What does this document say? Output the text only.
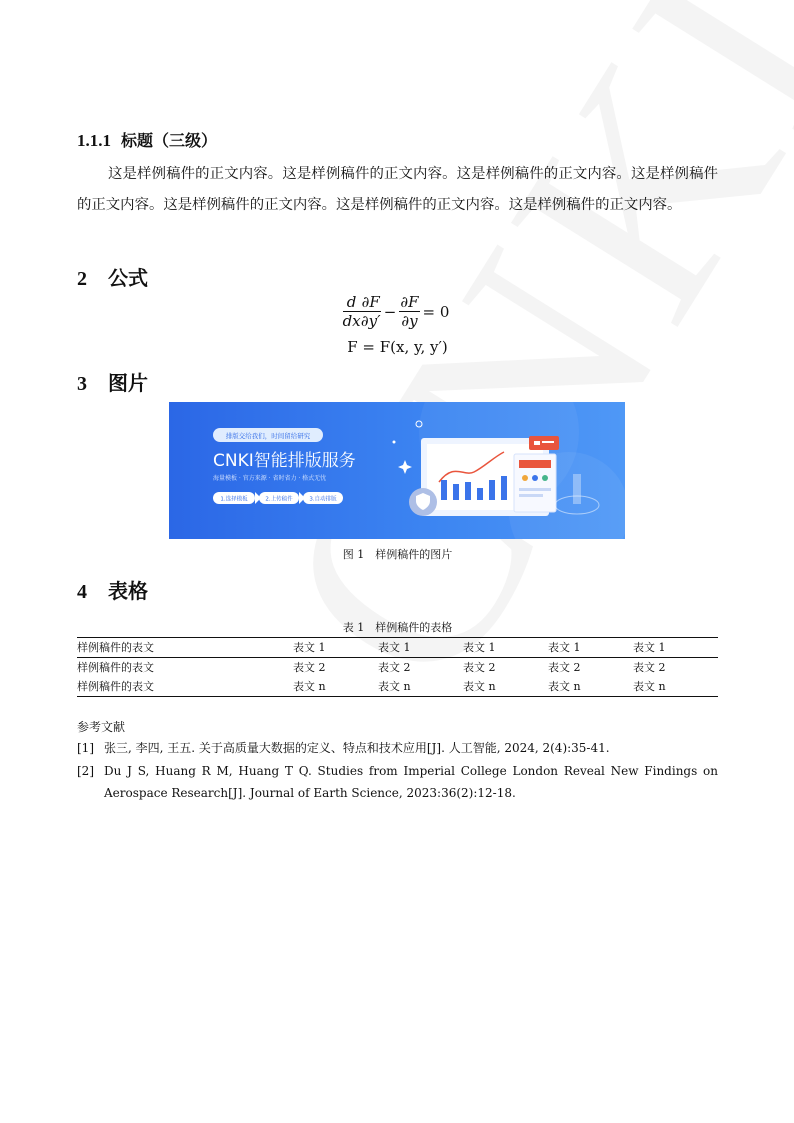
1.1.1 标题（三级）
这是样例稿件的正文内容。这是样例稿件的正文内容。这是样例稿件的正文内容。这是样例稿件的正文内容。这是样例稿件的正文内容。这是样例稿件的正文内容。这是样例稿件的正文内容。
2 公式
$\frac{d}{dx} \frac{\partial F}{\partial y'} - \frac{\partial F}{\partial y} = 0$
F = F(x, y, y′)
3 图片
排版交给我们，时间留给研究
CNKI智能排版服务
海量模板 · 官方来源 · 省时省力 · 格式无忧
1.选择模板	2.上传稿件	3.自动排版
图 1　样例稿件的图片
4 表格
表 1　样例稿件的表格
样例稿件的表文	表文 1	表文 1	表文 1	表文 1	表文 1
样例稿件的表文	表文 2	表文 2	表文 2	表文 2	表文 2
样例稿件的表文	表文 n	表文 n	表文 n	表文 n	表文 n
参考文献
[1] 张三, 李四, 王五. 关于高质量大数据的定义、特点和技术应用[J]. 人工智能, 2024, 2(4):35-41.
[2] Du J S, Huang R M, Huang T Q. Studies from Imperial College London Reveal New Findings on Aerospace Research[J]. Journal of Earth Science, 2023:36(2):12-18.
